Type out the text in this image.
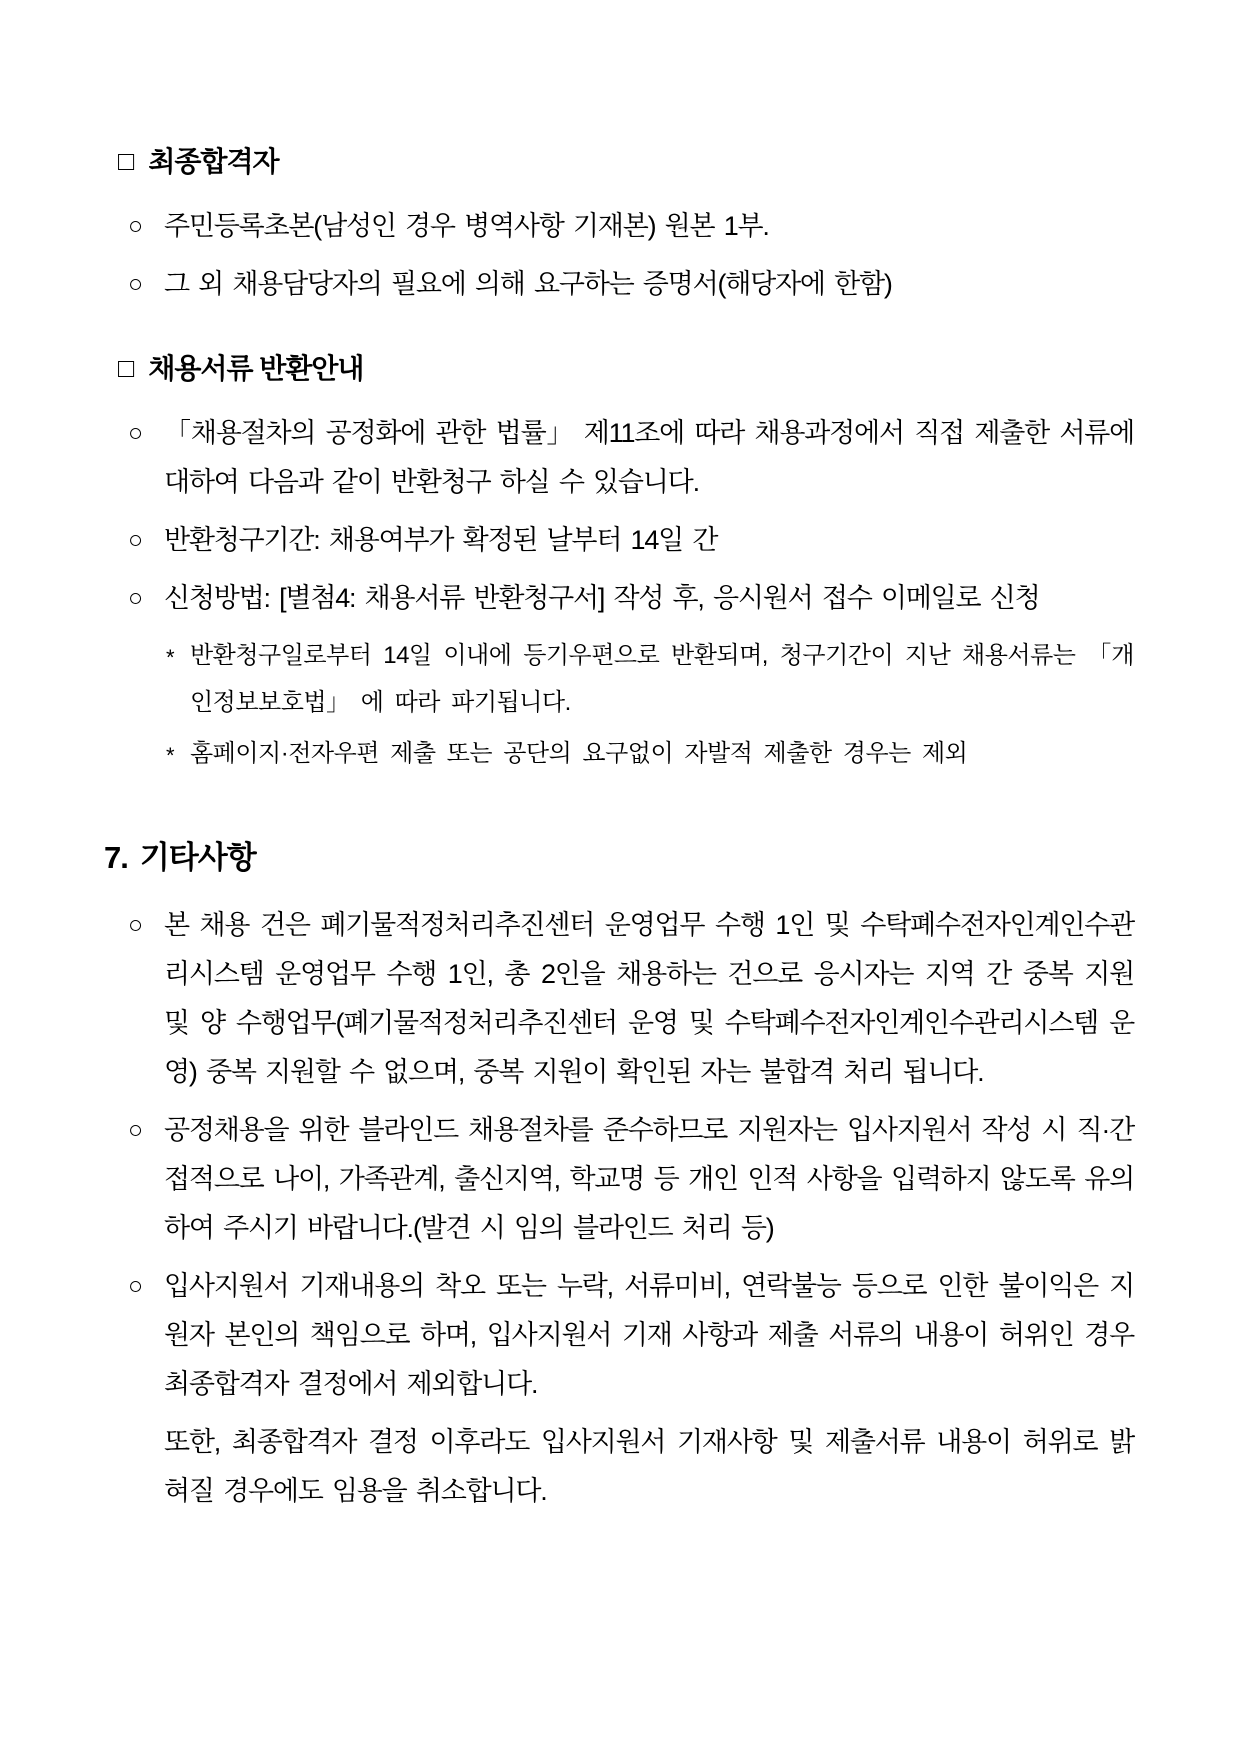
□ 최종합격자

○ 주민등록초본(남성인 경우 병역사항 기재본) 원본 1부.

○ 그 외 채용담당자의 필요에 의해 요구하는 증명서(해당자에 한함)

□ 채용서류 반환안내

○ 「채용절차의 공정화에 관한 법률」 제11조에 따라 채용과정에서 직접 제출한 서류에 대하여 다음과 같이 반환청구 하실 수 있습니다.

○ 반환청구기간: 채용여부가 확정된 날부터 14일 간

○ 신청방법: [별첨4: 채용서류 반환청구서] 작성 후, 응시원서 접수 이메일로 신청

* 반환청구일로부터 14일 이내에 등기우편으로 반환되며, 청구기간이 지난 채용서류는 「개인정보보호법」 에 따라 파기됩니다.

* 홈페이지·전자우편 제출 또는 공단의 요구없이 자발적 제출한 경우는 제외

7. 기타사항

○ 본 채용 건은 폐기물적정처리추진센터 운영업무 수행 1인 및 수탁폐수전자인계인수관리시스템 운영업무 수행 1인, 총 2인을 채용하는 건으로 응시자는 지역 간 중복 지원 및 양 수행업무(폐기물적정처리추진센터 운영 및 수탁폐수전자인계인수관리시스템 운영) 중복 지원할 수 없으며, 중복 지원이 확인된 자는 불합격 처리 됩니다.

○ 공정채용을 위한 블라인드 채용절차를 준수하므로 지원자는 입사지원서 작성 시 직·간접적으로 나이, 가족관계, 출신지역, 학교명 등 개인 인적 사항을 입력하지 않도록 유의하여 주시기 바랍니다.(발견 시 임의 블라인드 처리 등)

○ 입사지원서 기재내용의 착오 또는 누락, 서류미비, 연락불능 등으로 인한 불이익은 지원자 본인의 책임으로 하며, 입사지원서 기재 사항과 제출 서류의 내용이 허위인 경우 최종합격자 결정에서 제외합니다.

또한, 최종합격자 결정 이후라도 입사지원서 기재사항 및 제출서류 내용이 허위로 밝혀질 경우에도 임용을 취소합니다.
